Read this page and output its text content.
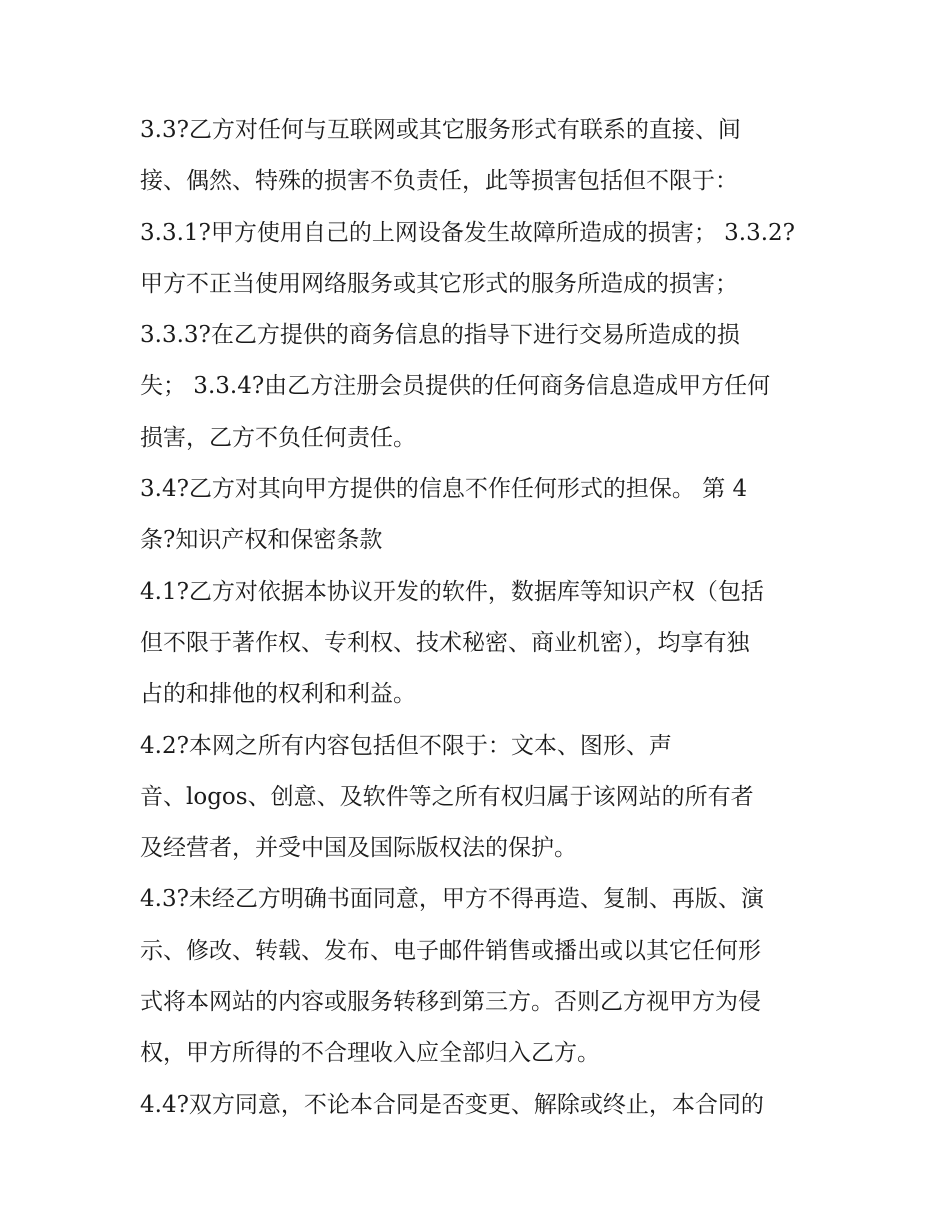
3.3?乙方对任何与互联网或其它服务形式有联系的直接、间
接、偶然、特殊的损害不负责任，此等损害包括但不限于：
3.3.1?甲方使用自己的上网设备发生故障所造成的损害； 3.3.2?
甲方不正当使用网络服务或其它形式的服务所造成的损害；
3.3.3?在乙方提供的商务信息的指导下进行交易所造成的损
失； 3.3.4?由乙方注册会员提供的任何商务信息造成甲方任何
损害，乙方不负任何责任。
3.4?乙方对其向甲方提供的信息不作任何形式的担保。 第 4
条?知识产权和保密条款
4.1?乙方对依据本协议开发的软件，数据库等知识产权（包括
但不限于著作权、专利权、技术秘密、商业机密），均享有独
占的和排他的权利和利益。
4.2?本网之所有内容包括但不限于：文本、图形、声
音、logos、创意、及软件等之所有权归属于该网站的所有者
及经营者，并受中国及国际版权法的保护。
4.3?未经乙方明确书面同意，甲方不得再造、复制、再版、演
示、修改、转载、发布、电子邮件销售或播出或以其它任何形
式将本网站的内容或服务转移到第三方。否则乙方视甲方为侵
权，甲方所得的不合理收入应全部归入乙方。
4.4?双方同意，不论本合同是否变更、解除或终止，本合同的
